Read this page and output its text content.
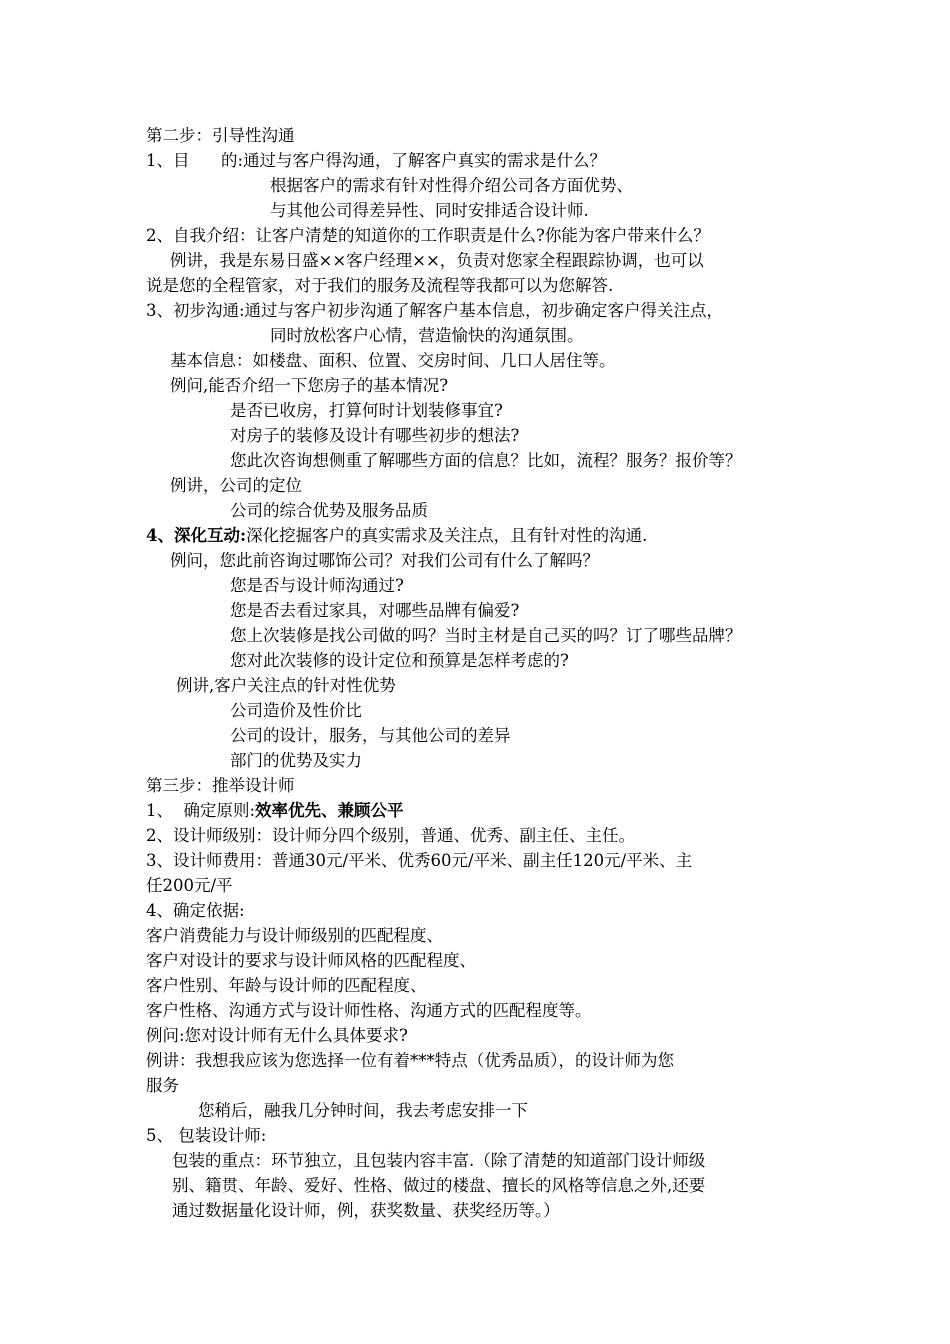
第二步：引导性沟通
1、目      的:通过与客户得沟通，了解客户真实的需求是什么？
根据客户的需求有针对性得介绍公司各方面优势、
与其他公司得差异性、同时安排适合设计师.
2、自我介绍：让客户清楚的知道你的工作职责是什么?你能为客户带来什么？
例讲，我是东易日盛××客户经理××，负责对您家全程跟踪协调，也可以
说是您的全程管家，对于我们的服务及流程等我都可以为您解答.
3、初步沟通:通过与客户初步沟通了解客户基本信息，初步确定客户得关注点，
同时放松客户心情，营造愉快的沟通氛围。
基本信息：如楼盘、面积、位置、交房时间、几口人居住等。
例问,能否介绍一下您房子的基本情况?
是否已收房，打算何时计划装修事宜?
对房子的装修及设计有哪些初步的想法?
您此次咨询想侧重了解哪些方面的信息？比如，流程？服务？报价等？
例讲，公司的定位
公司的综合优势及服务品质
4、深化互动:深化挖掘客户的真实需求及关注点，且有针对性的沟通.
例问，您此前咨询过哪饰公司？对我们公司有什么了解吗？
您是否与设计师沟通过?
您是否去看过家具，对哪些品牌有偏爱?
您上次装修是找公司做的吗？当时主材是自己买的吗？订了哪些品牌？
您对此次装修的设计定位和预算是怎样考虑的?
例讲,客户关注点的针对性优势
公司造价及性价比
公司的设计，服务，与其他公司的差异
部门的优势及实力
第三步：推举设计师
1、  确定原则:效率优先、兼顾公平
2、设计师级别：设计师分四个级别，普通、优秀、副主任、主任。
3、设计师费用：普通30元/平米、优秀60元/平米、副主任120元/平米、主
任200元/平
4、确定依据:
客户消费能力与设计师级别的匹配程度、
客户对设计的要求与设计师风格的匹配程度、
客户性别、年龄与设计师的匹配程度、
客户性格、沟通方式与设计师性格、沟通方式的匹配程度等。
例问:您对设计师有无什么具体要求?
例讲：我想我应该为您选择一位有着***特点（优秀品质），的设计师为您
服务
您稍后，融我几分钟时间，我去考虑安排一下
5、 包装设计师:
包装的重点：环节独立，且包装内容丰富.（除了清楚的知道部门设计师级
别、籍贯、年龄、爱好、性格、做过的楼盘、擅长的风格等信息之外,还要
通过数据量化设计师，例，获奖数量、获奖经历等。）
